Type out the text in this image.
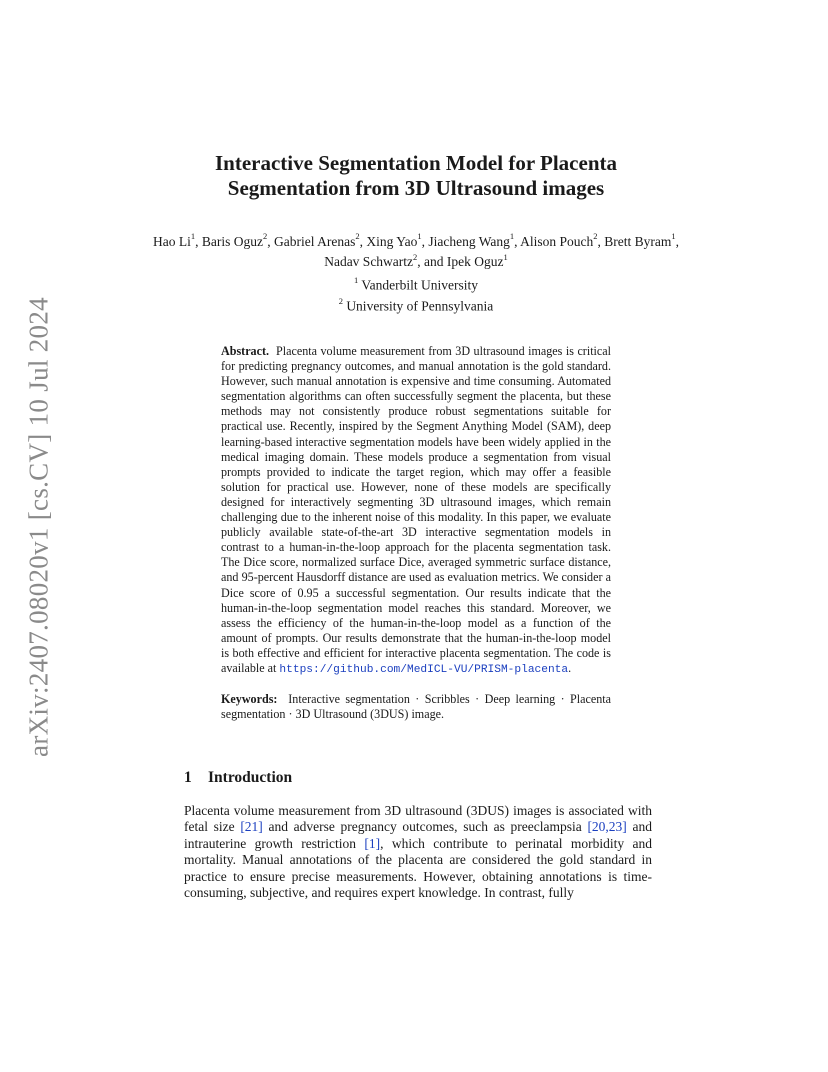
arXiv:2407.08020v1 [cs.CV] 10 Jul 2024
Interactive Segmentation Model for Placenta
Segmentation from 3D Ultrasound images
Hao Li$^1$, Baris Oguz$^2$, Gabriel Arenas$^2$, Xing Yao$^1$, Jiacheng Wang$^1$, Alison Pouch$^2$, Brett Byram$^1$, Nadav Schwartz$^2$, and Ipek Oguz$^1$
$^1$ Vanderbilt University
$^2$ University of Pennsylvania

Abstract. Placenta volume measurement from 3D ultrasound images is critical for predicting pregnancy outcomes, and manual annotation is the gold standard. However, such manual annotation is expensive and time consuming. Automated segmentation algorithms can often successfully segment the placenta, but these methods may not consistently produce robust segmentations suitable for practical use. Recently, inspired by the Segment Anything Model (SAM), deep learning-based interactive segmentation models have been widely applied in the medical imaging domain. These models produce a segmentation from visual prompts provided to indicate the target region, which may offer a feasible solution for practical use. However, none of these models are specifically designed for interactively segmenting 3D ultrasound images, which remain challenging due to the inherent noise of this modality. In this paper, we evaluate publicly available state-of-the-art 3D interactive segmentation models in contrast to a human-in-the-loop approach for the placenta segmentation task. The Dice score, normalized surface Dice, averaged symmetric surface distance, and 95-percent Hausdorff distance are used as evaluation metrics. We consider a Dice score of 0.95 a successful segmentation. Our results indicate that the human-in-the-loop segmentation model reaches this standard. Moreover, we assess the efficiency of the human-in-the-loop model as a function of the amount of prompts. Our results demonstrate that the human-in-the-loop model is both effective and efficient for interactive placenta segmentation. The code is available at https://github.com/MedICL-VU/PRISM-placenta.

Keywords: Interactive segmentation · Scribbles · Deep learning · Placenta segmentation · 3D Ultrasound (3DUS) image.

1 Introduction

Placenta volume measurement from 3D ultrasound (3DUS) images is associated with fetal size [21] and adverse pregnancy outcomes, such as preeclampsia [20,23] and intrauterine growth restriction [1], which contribute to perinatal morbidity and mortality. Manual annotations of the placenta are considered the gold standard in practice to ensure precise measurements. However, obtaining annotations is time-consuming, subjective, and requires expert knowledge. In contrast, fully
